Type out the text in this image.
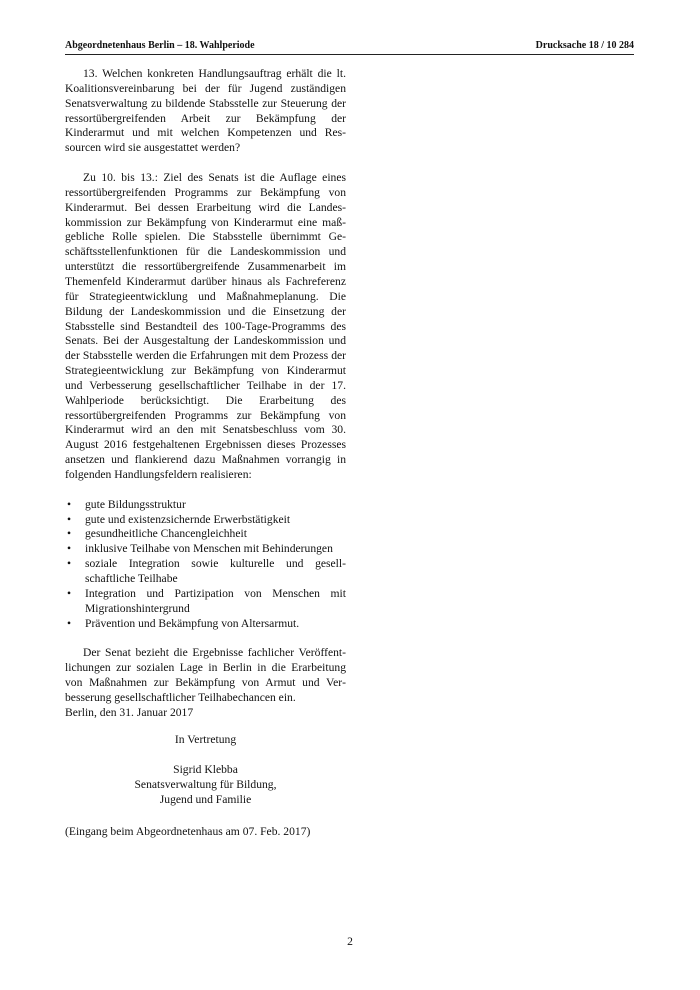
Abgeordnetenhaus Berlin – 18. Wahlperiode	Drucksache 18 / 10 284

13. Welchen konkreten Handlungsauftrag erhält die lt. Koalitionsvereinbarung bei der für Jugend zuständigen Senatsverwaltung zu bildende Stabsstelle zur Steuerung der ressortübergreifenden Arbeit zur Bekämpfung der Kinderarmut und mit welchen Kompetenzen und Ressourcen wird sie ausgestattet werden?

Zu 10. bis 13.: Ziel des Senats ist die Auflage eines ressortübergreifenden Programms zur Bekämpfung von Kinderarmut. Bei dessen Erarbeitung wird die Landeskommission zur Bekämpfung von Kinderarmut eine maßgebliche Rolle spielen. Die Stabsstelle übernimmt Geschäftsstellenfunktionen für die Landeskommission und unterstützt die ressortübergreifende Zusammenarbeit im Themenfeld Kinderarmut darüber hinaus als Fachreferenz für Strategieentwicklung und Maßnahmeplanung. Die Bildung der Landeskommission und die Einsetzung der Stabsstelle sind Bestandteil des 100-Tage-Programms des Senats. Bei der Ausgestaltung der Landeskommission und der Stabsstelle werden die Erfahrungen mit dem Prozess der Strategieentwicklung zur Bekämpfung von Kinderarmut und Verbesserung gesellschaftlicher Teilhabe in der 17. Wahlperiode berücksichtigt. Die Erarbeitung des ressortübergreifenden Programms zur Bekämpfung von Kinderarmut wird an den mit Senatsbeschluss vom 30. August 2016 festgehaltenen Ergebnissen dieses Prozesses ansetzen und flankierend dazu Maßnahmen vorrangig in folgenden Handlungsfeldern realisieren:

•	gute Bildungsstruktur
•	gute und existenzsichernde Erwerbstätigkeit
•	gesundheitliche Chancengleichheit
•	inklusive Teilhabe von Menschen mit Behinderungen
•	soziale Integration sowie kulturelle und gesellschaftliche Teilhabe
•	Integration und Partizipation von Menschen mit Migrationshintergrund
•	Prävention und Bekämpfung von Altersarmut.

Der Senat bezieht die Ergebnisse fachlicher Veröffentlichungen zur sozialen Lage in Berlin in die Erarbeitung von Maßnahmen zur Bekämpfung von Armut und Verbesserung gesellschaftlicher Teilhabechancen ein.

Berlin, den 31. Januar 2017

In Vertretung
Sigrid Klebba
Senatsverwaltung für Bildung,
Jugend und Familie
(Eingang beim Abgeordnetenhaus am 07. Feb. 2017)
2
